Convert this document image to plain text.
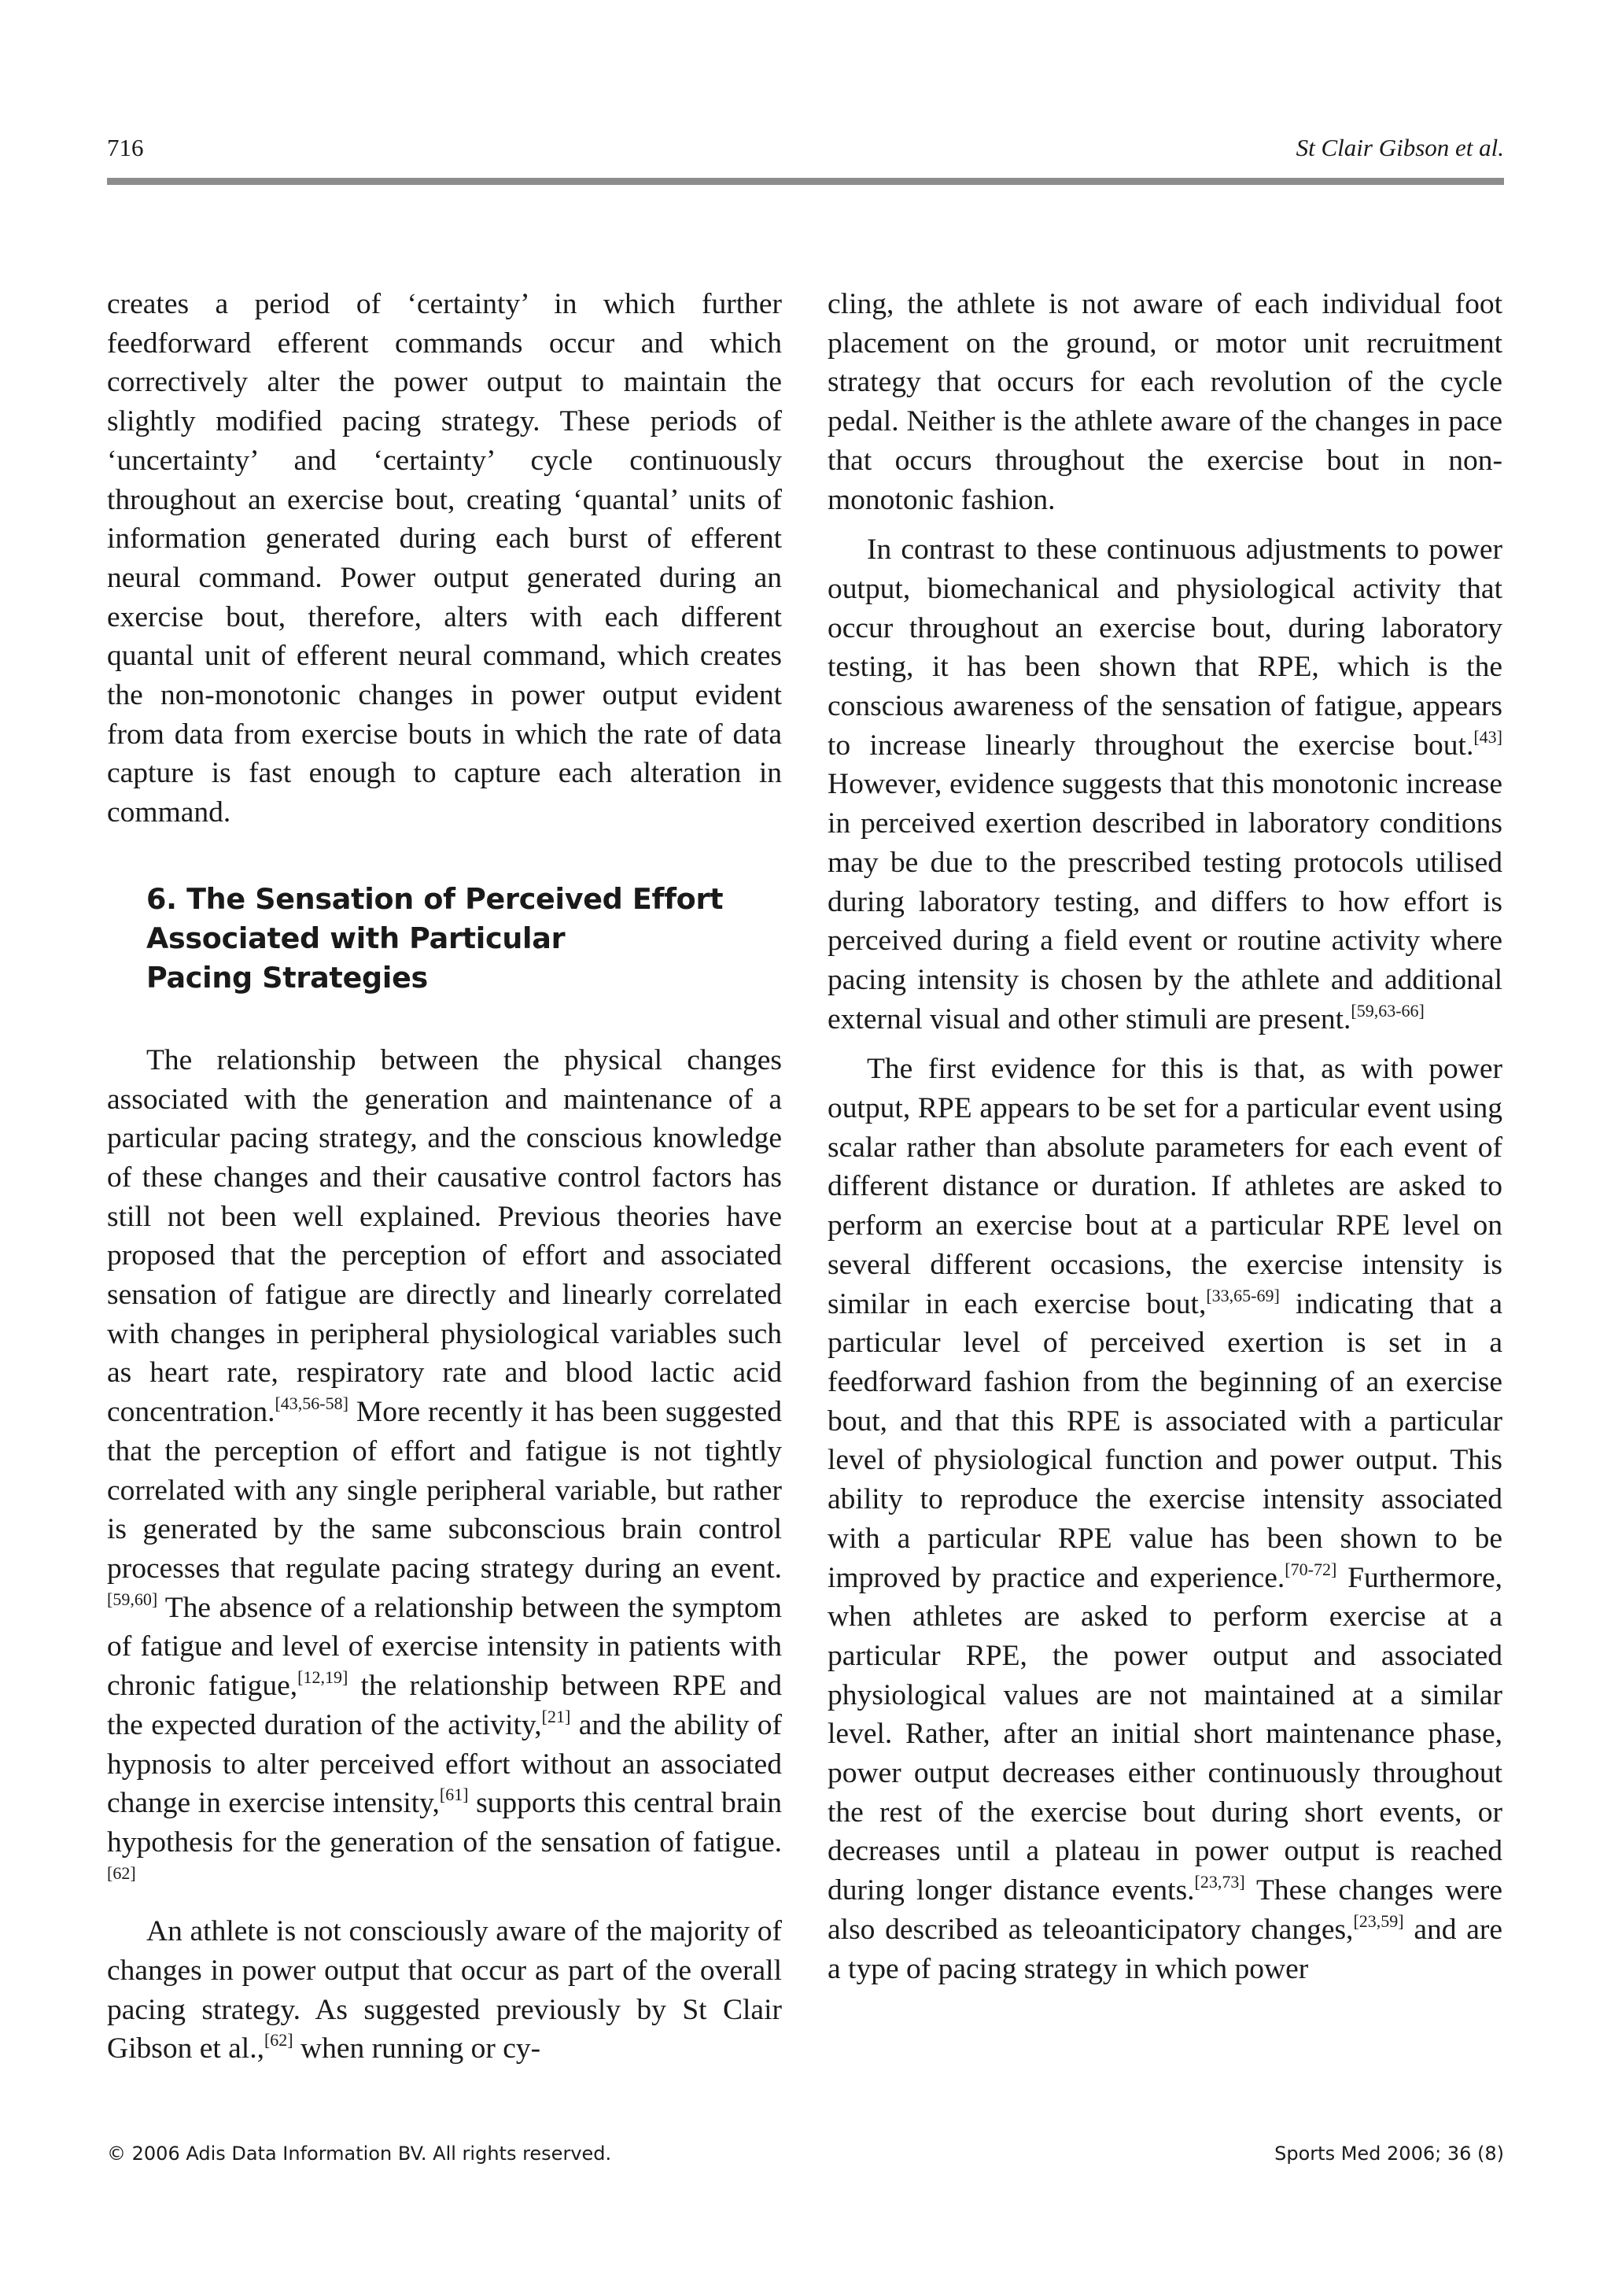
716	St Clair Gibson et al.

creates a period of ‘certainty’ in which further feedforward efferent commands occur and which correctively alter the power output to maintain the slightly modified pacing strategy. These periods of ‘uncertainty’ and ‘certainty’ cycle continuously throughout an exercise bout, creating ‘quantal’ units of information generated during each burst of efferent neural command. Power output generated during an exercise bout, therefore, alters with each different quantal unit of efferent neural command, which creates the non-monotonic changes in power output evident from data from exercise bouts in which the rate of data capture is fast enough to capture each alteration in command.

6. The Sensation of Perceived Effort
Associated with Particular
Pacing Strategies

The relationship between the physical changes associated with the generation and maintenance of a particular pacing strategy, and the conscious knowledge of these changes and their causative control factors has still not been well explained. Previous theories have proposed that the perception of effort and associated sensation of fatigue are directly and linearly correlated with changes in peripheral physiological variables such as heart rate, respiratory rate and blood lactic acid concentration.[43,56-58] More recently it has been suggested that the perception of effort and fatigue is not tightly correlated with any single peripheral variable, but rather is generated by the same subconscious brain control processes that regulate pacing strategy during an event.[59,60] The absence of a relationship between the symptom of fatigue and level of exercise intensity in patients with chronic fatigue,[12,19] the relationship between RPE and the expected duration of the activity,[21] and the ability of hypnosis to alter perceived effort without an associated change in exercise intensity,[61] supports this central brain hypothesis for the generation of the sensation of fatigue.[62]

An athlete is not consciously aware of the majority of changes in power output that occur as part of the overall pacing strategy. As suggested previously by St Clair Gibson et al.,[62] when running or cy-

cling, the athlete is not aware of each individual foot placement on the ground, or motor unit recruitment strategy that occurs for each revolution of the cycle pedal. Neither is the athlete aware of the changes in pace that occurs throughout the exercise bout in non-monotonic fashion.

In contrast to these continuous adjustments to power output, biomechanical and physiological activity that occur throughout an exercise bout, during laboratory testing, it has been shown that RPE, which is the conscious awareness of the sensation of fatigue, appears to increase linearly throughout the exercise bout.[43] However, evidence suggests that this monotonic increase in perceived exertion described in laboratory conditions may be due to the prescribed testing protocols utilised during laboratory testing, and differs to how effort is perceived during a field event or routine activity where pacing intensity is chosen by the athlete and additional external visual and other stimuli are present.[59,63-66]

The first evidence for this is that, as with power output, RPE appears to be set for a particular event using scalar rather than absolute parameters for each event of different distance or duration. If athletes are asked to perform an exercise bout at a particular RPE level on several different occasions, the exercise intensity is similar in each exercise bout,[33,65-69] indicating that a particular level of perceived exertion is set in a feedforward fashion from the beginning of an exercise bout, and that this RPE is associated with a particular level of physiological function and power output. This ability to reproduce the exercise intensity associated with a particular RPE value has been shown to be improved by practice and experience.[70-72] Furthermore, when athletes are asked to perform exercise at a particular RPE, the power output and associated physiological values are not maintained at a similar level. Rather, after an initial short maintenance phase, power output decreases either continuously throughout the rest of the exercise bout during short events, or decreases until a plateau in power output is reached during longer distance events.[23,73] These changes were also described as teleoanticipatory changes,[23,59] and are a type of pacing strategy in which power

© 2006 Adis Data Information BV. All rights reserved.	Sports Med 2006; 36 (8)
